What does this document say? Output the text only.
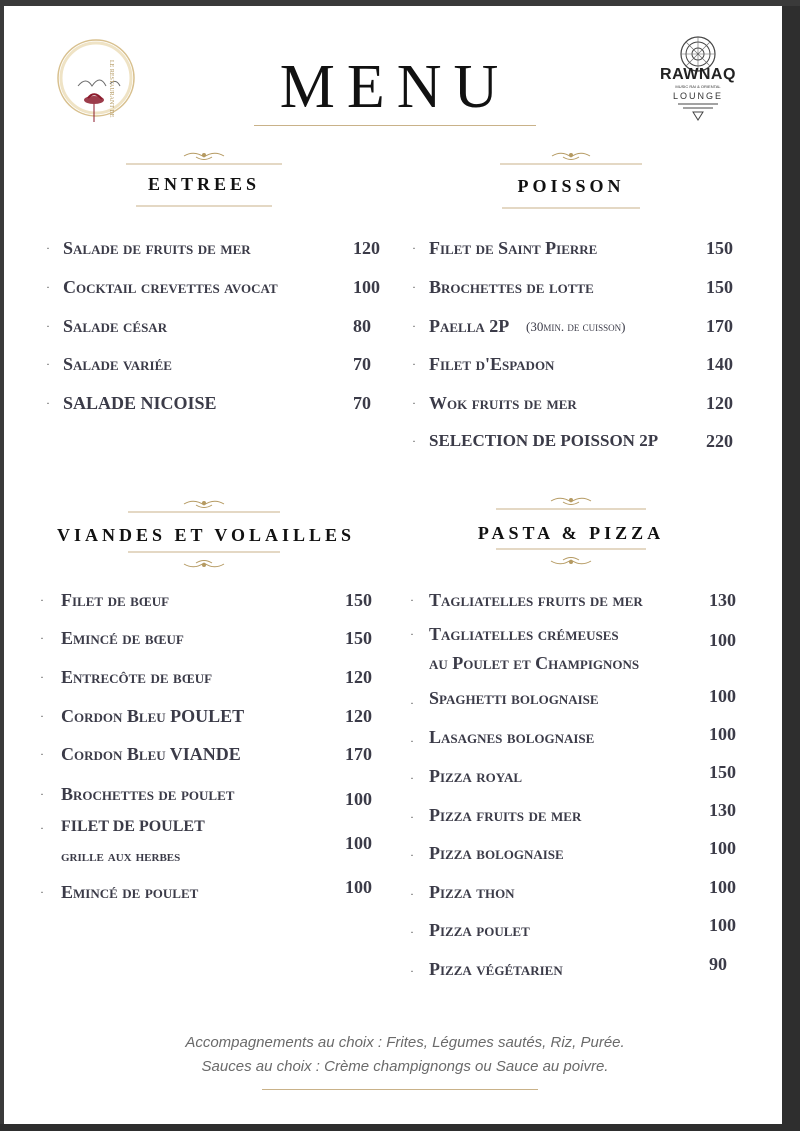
LE RESTAURANT DE	RAWNAQ
MUSIC RAI & ORIENTAL
LOUNGE
MENU
ENTREES	POISSON
VIANDES ET VOLAILLES	PASTA & PIZZA
· Salade de fruits de mer	120
· Cocktail crevettes avocat	100
· Salade césar	80
· Salade variée	70
· SALADE NICOISE	70
· Filet de Saint Pierre	150
· Brochettes de lotte	150
· Paella 2P (30min. de cuisson)	170
· Filet d'Espadon	140
· Wok fruits de mer	120
· SELECTION DE POISSON 2P	220
· Filet de bœuf	150
· Emincé de bœuf	150
· Entrecôte de bœuf	120
· Cordon Bleu POULET	120
· Cordon Bleu VIANDE	170
· Brochettes de poulet	100
· FILET DE POULET
grille aux herbes
100
· Emincé de poulet	100
· Tagliatelles fruits de mer	130
· Tagliatelles crémeuses
au Poulet et Champignons
100
· Spaghetti bolognaise	100
· Lasagnes bolognaise	100
· Pizza royal	150
· Pizza fruits de mer	130
· Pizza bolognaise	100
· Pizza thon	100
· Pizza poulet	100
· Pizza végétarien	90
Accompagnements au choix : Frites, Légumes sautés, Riz, Purée.
Sauces au choix : Crème champignongs ou Sauce au poivre.
